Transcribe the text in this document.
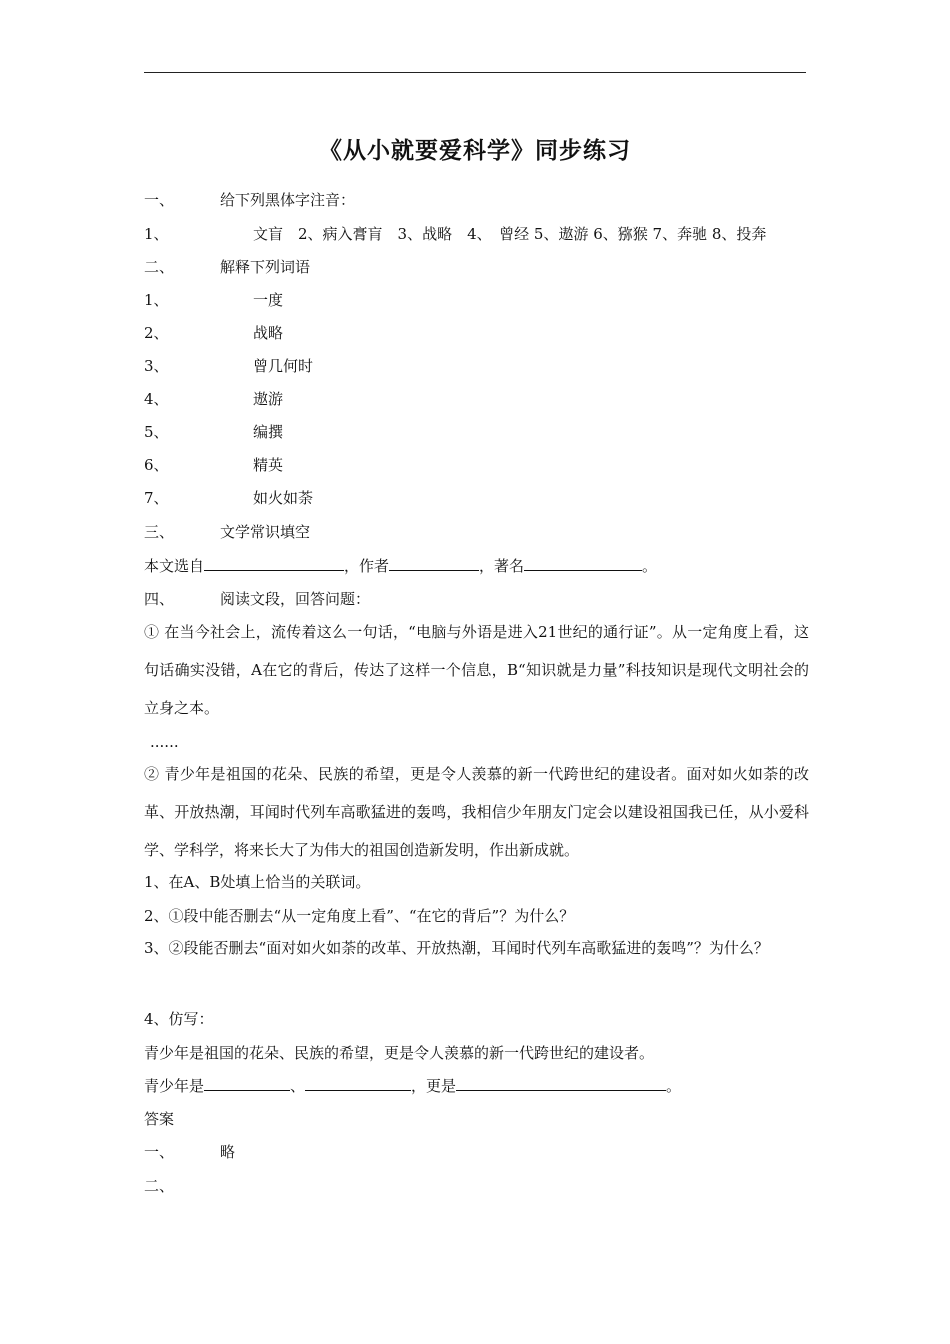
《从小就要爱科学》同步练习
一、	给下列黑体字注音：
1、	文盲　2、病入膏肓　3、战略　4、　曾经 5、遨游 6、猕猴 7、奔驰 8、投奔
二、	解释下列词语
1、	一度
2、	战略
3、	曾几何时
4、	遨游
5、	编撰
6、	精英
7、	如火如荼
三、	文学常识填空
本文选自	，作者	，著名	。
四、	阅读文段，回答问题：
① 在当今社会上，流传着这么一句话，“电脑与外语是进入21世纪的通行证”。从一定角度上看，这句话确实没错，A在它的背后，传达了这样一个信息，B“知识就是力量”科技知识是现代文明社会的立身之本。
......
② 青少年是祖国的花朵、民族的希望，更是令人羡慕的新一代跨世纪的建设者。面对如火如荼的改革、开放热潮，耳闻时代列车高歌猛进的轰鸣，我相信少年朋友门定会以建设祖国我已任，从小爱科学、学科学，将来长大了为伟大的祖国创造新发明，作出新成就。
1、在A、B处填上恰当的关联词。
2、①段中能否删去“从一定角度上看”、“在它的背后”？为什么？
3、②段能否删去“面对如火如荼的改革、开放热潮，耳闻时代列车高歌猛进的轰鸣”？为什么？
4、仿写：
青少年是祖国的花朵、民族的希望，更是令人羡慕的新一代跨世纪的建设者。
青少年是	、	，更是	。
答案
一、	略
二、
